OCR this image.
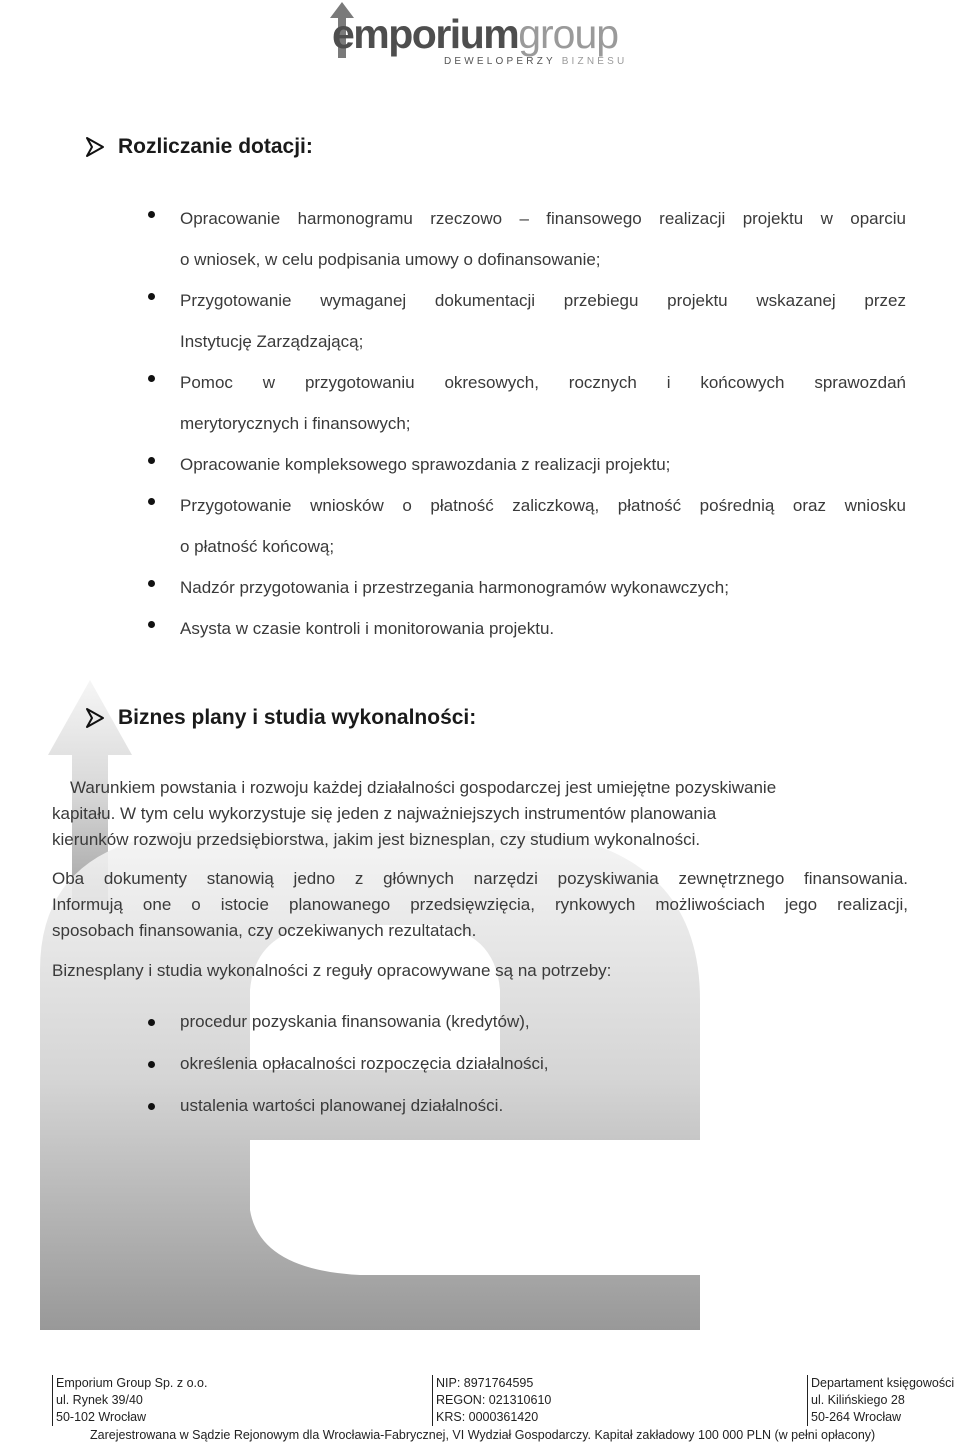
emporiumgroup
DEWELOPERZY BIZNESU
Rozliczanie dotacji:
Opracowanie harmonogramu rzeczowo – finansowego realizacji projektu w oparciu
o wniosek, w celu podpisania umowy o dofinansowanie;
Przygotowanie wymaganej dokumentacji przebiegu projektu wskazanej przez
Instytucję Zarządzającą;
Pomoc w przygotowaniu okresowych, rocznych i końcowych sprawozdań
merytorycznych i finansowych;
Opracowanie kompleksowego sprawozdania z realizacji projektu;
Przygotowanie wniosków o płatność zaliczkową, płatność pośrednią oraz wniosku
o płatność końcową;
Nadzór przygotowania i przestrzegania harmonogramów wykonawczych;
Asysta w czasie kontroli i monitorowania projektu.
Biznes plany i studia wykonalności:

Warunkiem powstania i rozwoju każdej działalności gospodarczej jest umiejętne pozyskiwanie
kapitału. W tym celu wykorzystuje się jeden z najważniejszych instrumentów planowania
kierunków rozwoju przedsiębiorstwa, jakim jest biznesplan, czy studium wykonalności.

Oba dokumenty stanowią jedno z głównych narzędzi pozyskiwania zewnętrznego finansowania.
Informują one o istocie planowanego przedsięwzięcia, rynkowych możliwościach jego realizacji,
sposobach finansowania, czy oczekiwanych rezultatach.
Biznesplany i studia wykonalności z reguły opracowywane są na potrzeby:
procedur pozyskania finansowania (kredytów),
określenia opłacalności rozpoczęcia działalności,
ustalenia wartości planowanej działalności.
Emporium Group Sp. z o.o.
ul. Rynek 39/40
50-102 Wrocław
NIP: 8971764595
REGON: 021310610
KRS: 0000361420
Departament księgowości
ul. Kilińskiego 28
50-264 Wrocław
Zarejestrowana w Sądzie Rejonowym dla Wrocławia-Fabrycznej, VI Wydział Gospodarczy. Kapitał zakładowy 100 000 PLN (w pełni opłacony)
